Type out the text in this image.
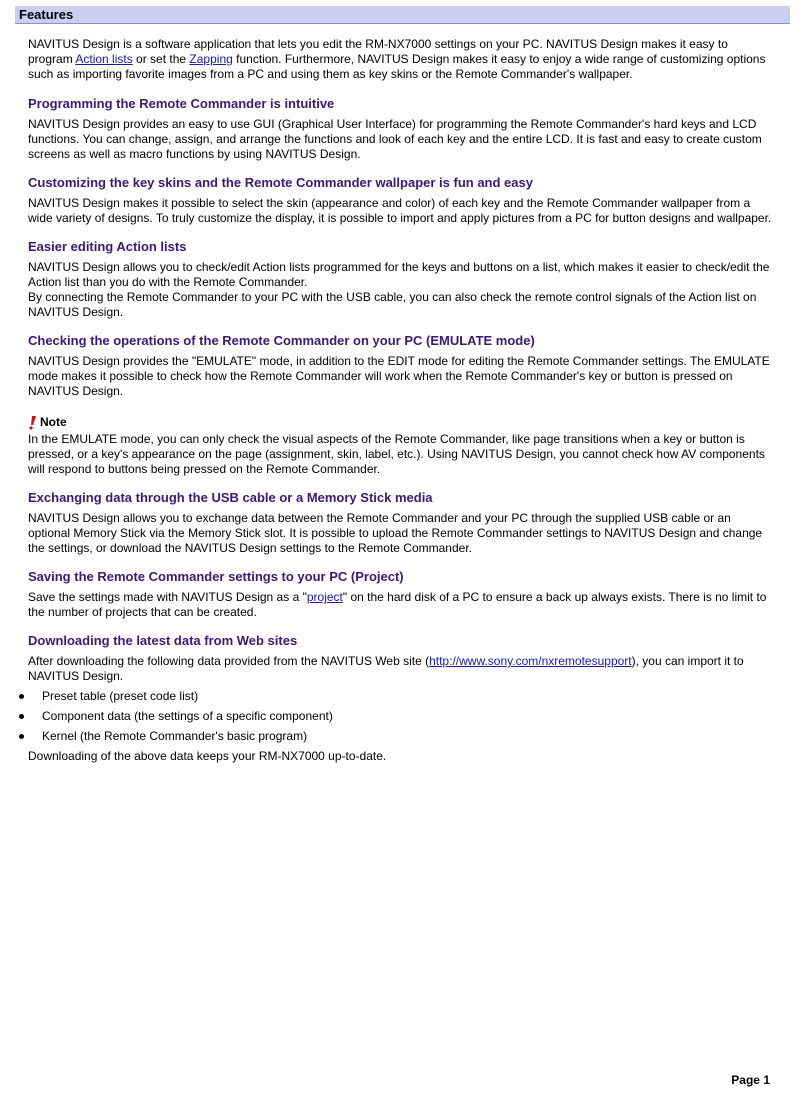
Features

NAVITUS Design is a software application that lets you edit the RM-NX7000 settings on your PC. NAVITUS Design makes it easy to program Action lists or set the Zapping function. Furthermore, NAVITUS Design makes it easy to enjoy a wide range of customizing options such as importing favorite images from a PC and using them as key skins or the Remote Commander's wallpaper.

Programming the Remote Commander is intuitive

NAVITUS Design provides an easy to use GUI (Graphical User Interface) for programming the Remote Commander's hard keys and LCD functions. You can change, assign, and arrange the functions and look of each key and the entire LCD. It is fast and easy to create custom screens as well as macro functions by using NAVITUS Design.

Customizing the key skins and the Remote Commander wallpaper is fun and easy

NAVITUS Design makes it possible to select the skin (appearance and color) of each key and the Remote Commander wallpaper from a wide variety of designs. To truly customize the display, it is possible to import and apply pictures from a PC for button designs and wallpaper.

Easier editing Action lists

NAVITUS Design allows you to check/edit Action lists programmed for the keys and buttons on a list, which makes it easier to check/edit the Action list than you do with the Remote Commander.

By connecting the Remote Commander to your PC with the USB cable, you can also check the remote control signals of the Action list on NAVITUS Design.

Checking the operations of the Remote Commander on your PC (EMULATE mode)

NAVITUS Design provides the "EMULATE" mode, in addition to the EDIT mode for editing the Remote Commander settings. The EMULATE mode makes it possible to check how the Remote Commander will work when the Remote Commander's key or button is pressed on NAVITUS Design.

Note

In the EMULATE mode, you can only check the visual aspects of the Remote Commander, like page transitions when a key or button is pressed, or a key's appearance on the page (assignment, skin, label, etc.). Using NAVITUS Design, you cannot check how AV components will respond to buttons being pressed on the Remote Commander.

Exchanging data through the USB cable or a Memory Stick media

NAVITUS Design allows you to exchange data between the Remote Commander and your PC through the supplied USB cable or an optional Memory Stick via the Memory Stick slot. It is possible to upload the Remote Commander settings to NAVITUS Design and change the settings, or download the NAVITUS Design settings to the Remote Commander.

Saving the Remote Commander settings to your PC (Project)

Save the settings made with NAVITUS Design as a "project" on the hard disk of a PC to ensure a back up always exists. There is no limit to the number of projects that can be created.

Downloading the latest data from Web sites

After downloading the following data provided from the NAVITUS Web site (http://www.sony.com/nxremotesupport), you can import it to NAVITUS Design.

Preset table (preset code list)
Component data (the settings of a specific component)
Kernel (the Remote Commander's basic program)

Downloading of the above data keeps your RM-NX7000 up-to-date.

Page 1
